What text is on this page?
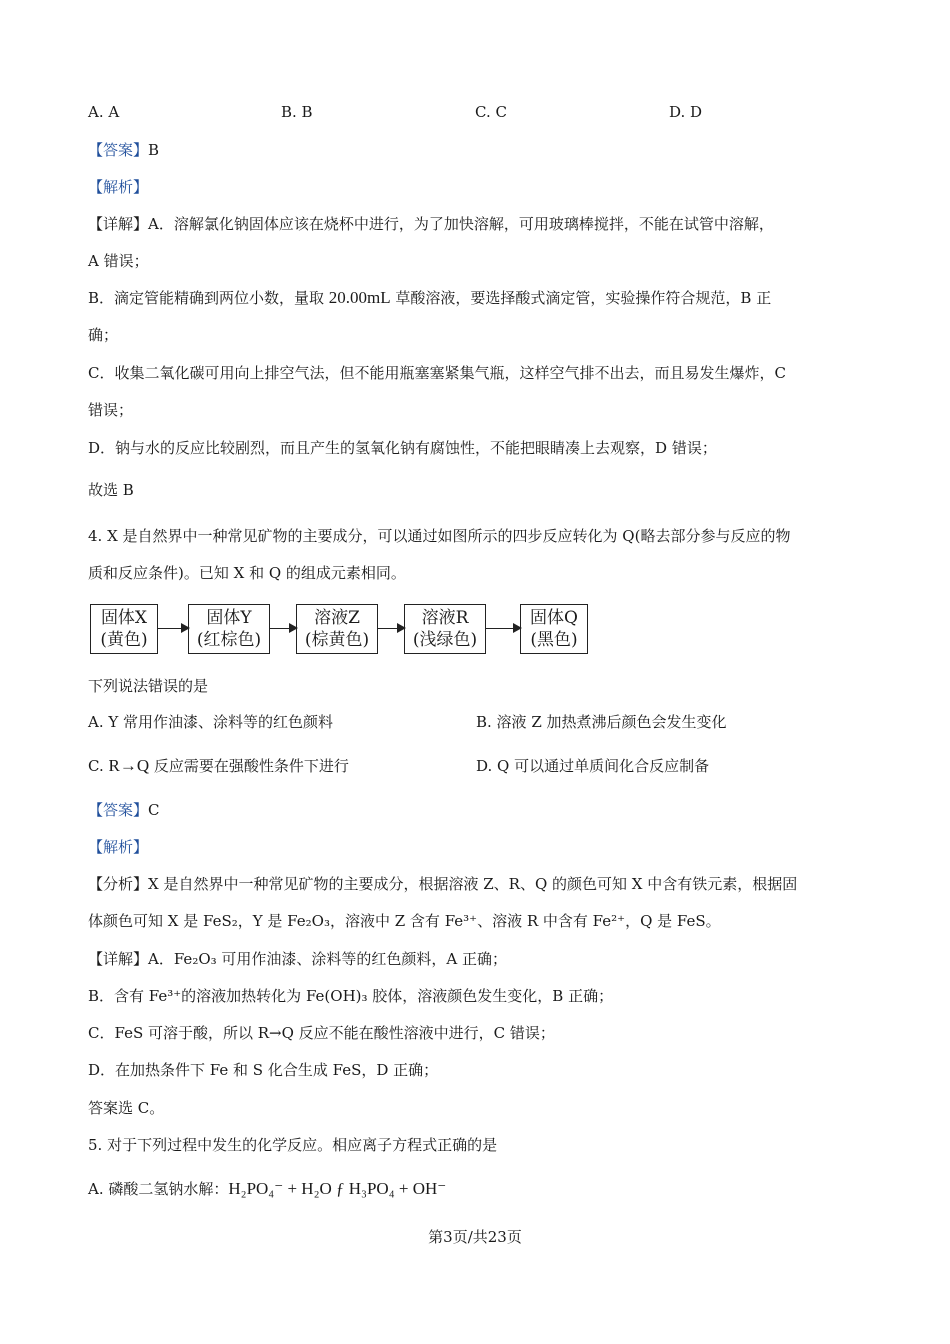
A. A	B. B	C. C	D. D
【答案】B
【解析】
【详解】A．溶解氯化钠固体应该在烧杯中进行，为了加快溶解，可用玻璃棒搅拌，不能在试管中溶解，
A 错误；
B．滴定管能精确到两位小数，量取 20.00mL 草酸溶液，要选择酸式滴定管，实验操作符合规范，B 正
确；
C．收集二氧化碳可用向上排空气法，但不能用瓶塞塞紧集气瓶，这样空气排不出去，而且易发生爆炸，C
错误；
D．钠与水的反应比较剧烈，而且产生的氢氧化钠有腐蚀性，不能把眼睛凑上去观察，D 错误；
故选 B
4. X 是自然界中一种常见矿物的主要成分，可以通过如图所示的四步反应转化为 Q(略去部分参与反应的物
质和反应条件)。已知 X 和 Q 的组成元素相同。
固体X
(黄色)
固体Y
(红棕色)
溶液Z
(棕黄色)
溶液R
(浅绿色)
固体Q
(黑色)
下列说法错误的是
A. Y 常用作油漆、涂料等的红色颜料	B. 溶液 Z 加热煮沸后颜色会发生变化
C. R→Q 反应需要在强酸性条件下进行	D. Q 可以通过单质间化合反应制备
【答案】C
【解析】
【分析】X 是自然界中一种常见矿物的主要成分，根据溶液 Z、R、Q 的颜色可知 X 中含有铁元素，根据固
体颜色可知 X 是 FeS₂，Y 是 Fe₂O₃，溶液中 Z 含有 Fe³⁺、溶液 R 中含有 Fe²⁺，Q 是 FeS。
【详解】A．Fe₂O₃ 可用作油漆、涂料等的红色颜料，A 正确；
B．含有 Fe³⁺的溶液加热转化为 Fe(OH)₃ 胶体，溶液颜色发生变化，B 正确；
C．FeS 可溶于酸，所以 R→Q 反应不能在酸性溶液中进行，C 错误；
D．在加热条件下 Fe 和 S 化合生成 FeS，D 正确；
答案选 C。
5. 对于下列过程中发生的化学反应。相应离子方程式正确的是
A. 磷酸二氢钠水解：H₂PO₄⁻ + H₂O ƒ H₃PO₄ + OH⁻
第3页/共23页
